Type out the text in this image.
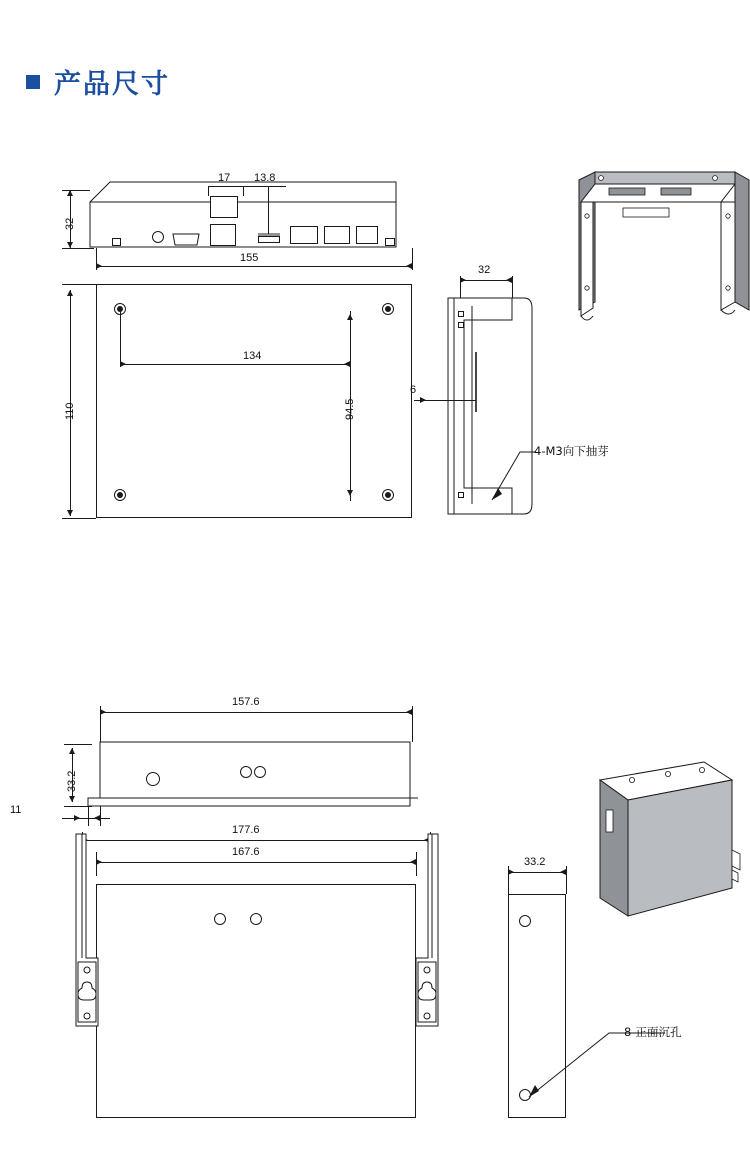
产品尺寸
32
17 13.8
155
110
134
94.5
32
6
4-M3向下抽芽
157.6
33.2
11
177.6
167.6
33.2
8-正面沉孔
